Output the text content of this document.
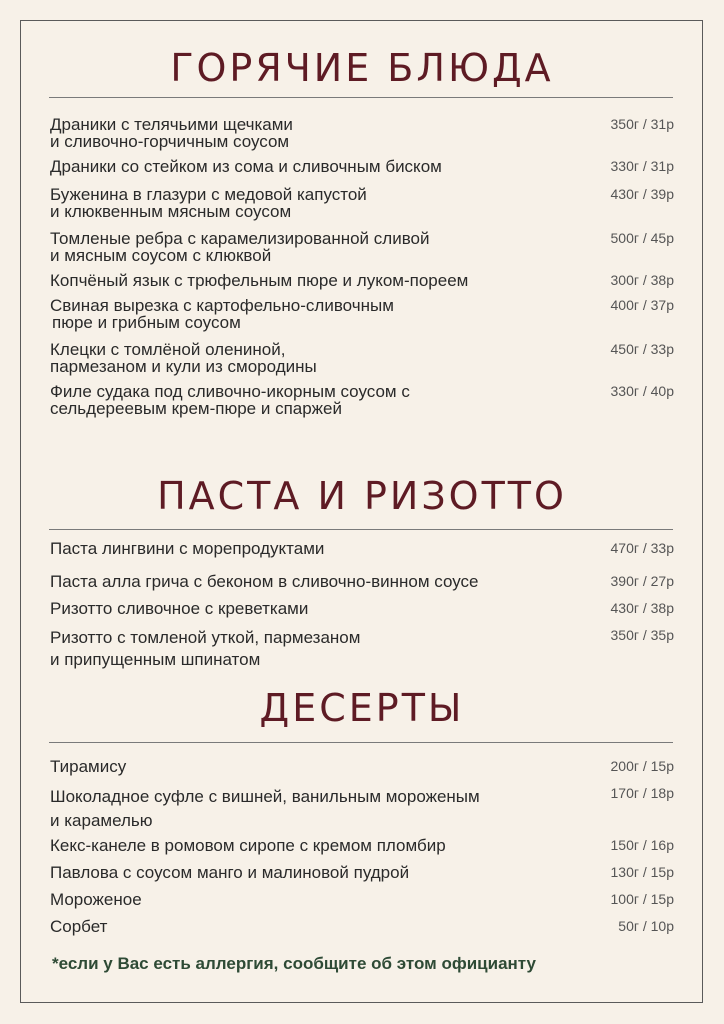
ГОРЯЧИЕ БЛЮДА
Драники с телячьими щечками
и сливочно-горчичным соусом
350г / 31р
Драники со стейком из сома и сливочным биском	330г / 31р
Буженина в глазури с медовой капустой
и клюквенным мясным соусом
430г / 39р
Томленые ребра с карамелизированной сливой
и мясным соусом с клюквой
500г / 45р
Копчёный язык с трюфельным пюре и луком-пореем	300г / 38р
Свиная вырезка с картофельно-сливочным
пюре и грибным соусом
400г / 37р
Клецки с томлёной олениной,
пармезаном и кули из смородины
450г / 33р
Филе судака под сливочно-икорным соусом с
сельдереевым крем-пюре и спаржей
330г / 40р
ПАСТА И РИЗОТТО
Паста лингвини с морепродуктами	470г / 33р
Паста алла грича с беконом в сливочно-винном соусе	390г / 27р
Ризотто сливочное с креветками	430г / 38р
Ризотто с томленой уткой, пармезаном
и припущенным шпинатом
350г / 35р
ДЕСЕРТЫ
Тирамису	200г / 15р
Шоколадное суфле с вишней, ванильным мороженым
и карамелью
170г / 18р
Кекс-канеле в ромовом сиропе с кремом пломбир	150г / 16р
Павлова с соусом манго и малиновой пудрой	130г / 15р
Мороженое	100г / 15р
Сорбет	50г / 10р

*если у Вас есть аллергия, сообщите об этом официанту
